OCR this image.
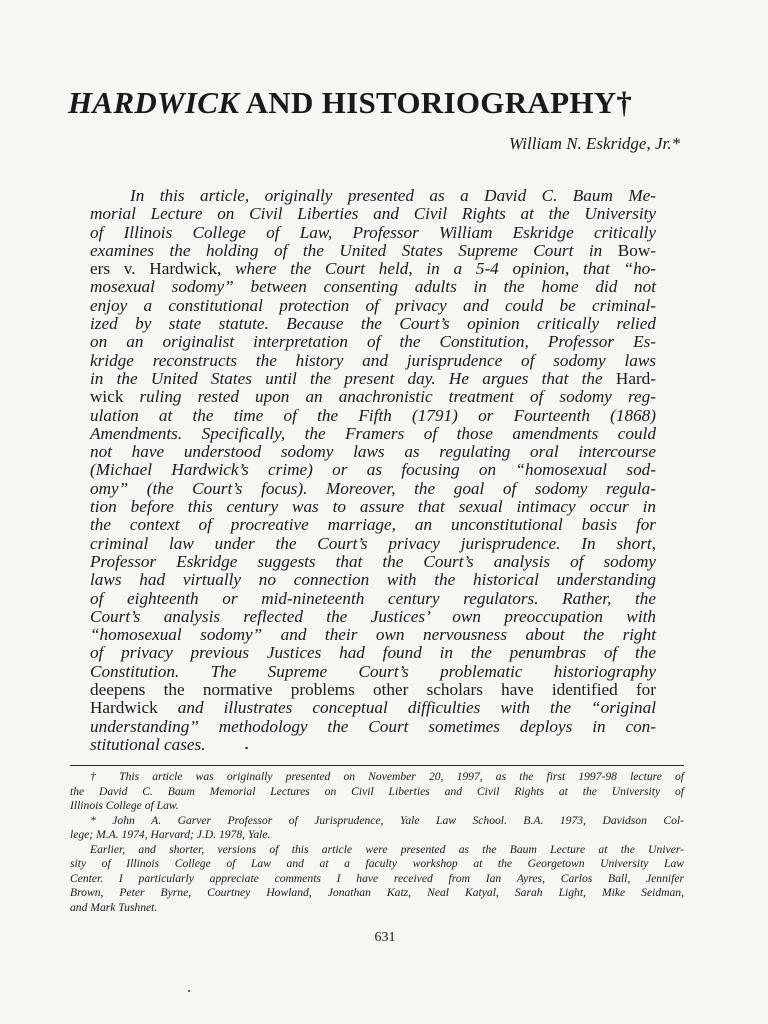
HARDWICK AND HISTORIOGRAPHY†
William N. Eskridge, Jr.*
In this article, originally presented as a David C. Baum Me-
morial Lecture on Civil Liberties and Civil Rights at the University
of Illinois College of Law, Professor William Eskridge critically
examines the holding of the United States Supreme Court in Bow-
ers v. Hardwick, where the Court held, in a 5-4 opinion, that “ho-
mosexual sodomy” between consenting adults in the home did not
enjoy a constitutional protection of privacy and could be criminal-
ized by state statute. Because the Court’s opinion critically relied
on an originalist interpretation of the Constitution, Professor Es-
kridge reconstructs the history and jurisprudence of sodomy laws
in the United States until the present day. He argues that the Hard-
wick ruling rested upon an anachronistic treatment of sodomy reg-
ulation at the time of the Fifth (1791) or Fourteenth (1868)
Amendments. Specifically, the Framers of those amendments could
not have understood sodomy laws as regulating oral intercourse
(Michael Hardwick’s crime) or as focusing on “homosexual sod-
omy” (the Court’s focus). Moreover, the goal of sodomy regula-
tion before this century was to assure that sexual intimacy occur in
the context of procreative marriage, an unconstitutional basis for
criminal law under the Court’s privacy jurisprudence. In short,
Professor Eskridge suggests that the Court’s analysis of sodomy
laws had virtually no connection with the historical understanding
of eighteenth or mid-nineteenth century regulators. Rather, the
Court’s analysis reflected the Justices’ own preoccupation with
“homosexual sodomy” and their own nervousness about the right
of privacy previous Justices had found in the penumbras of the
Constitution. The Supreme Court’s problematic historiography
deepens the normative problems other scholars have identified for
Hardwick and illustrates conceptual difficulties with the “original
understanding” methodology the Court sometimes deploys in con-
stitutional cases.
† This article was originally presented on November 20, 1997, as the first 1997-98 lecture of
the David C. Baum Memorial Lectures on Civil Liberties and Civil Rights at the University of
Illinois College of Law.
* John A. Garver Professor of Jurisprudence, Yale Law School. B.A. 1973, Davidson Col-
lege; M.A. 1974, Harvard; J.D. 1978, Yale.
Earlier, and shorter, versions of this article were presented as the Baum Lecture at the Univer-
sity of Illinois College of Law and at a faculty workshop at the Georgetown University Law
Center. I particularly appreciate comments I have received from Ian Ayres, Carlos Ball, Jennifer
Brown, Peter Byrne, Courtney Howland, Jonathan Katz, Neal Katyal, Sarah Light, Mike Seidman,
and Mark Tushnet.
631
